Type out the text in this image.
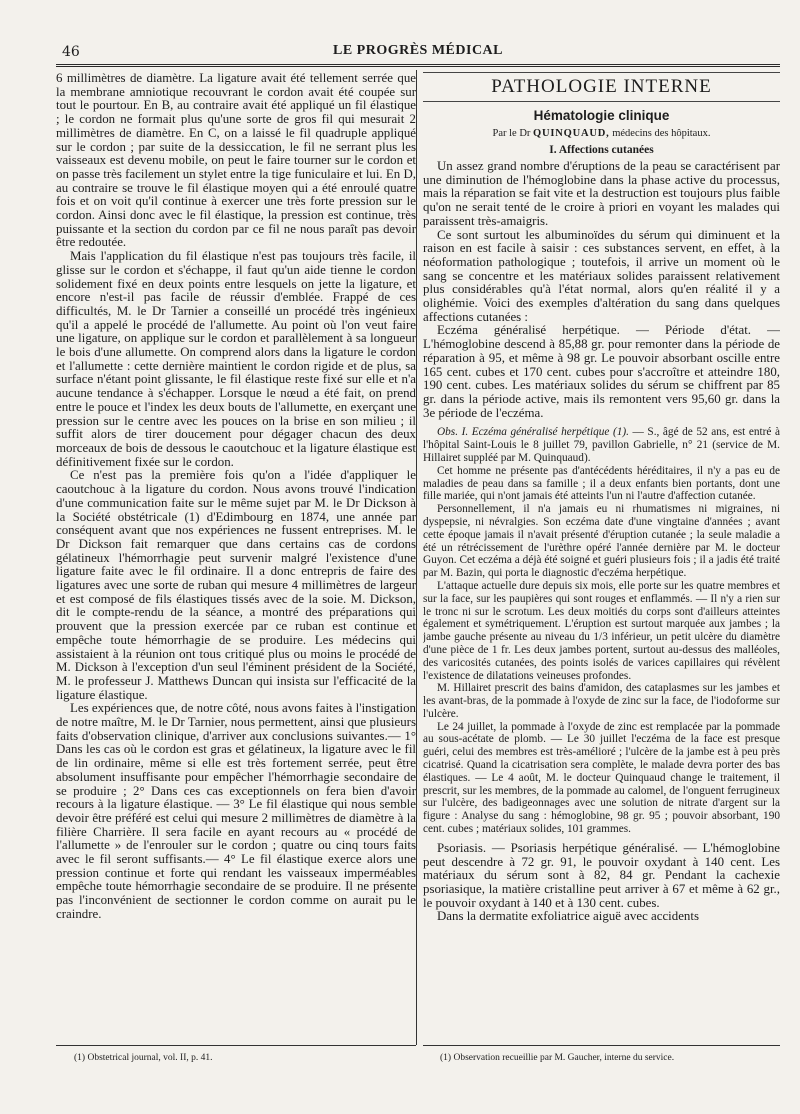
46	LE PROGRÈS MÉDICAL

6 millimètres de diamètre. La ligature avait été tellement serrée que la membrane amniotique recouvrant le cordon avait été coupée sur tout le pourtour. En B, au contraire avait été appliqué un fil élastique ; le cordon ne formait plus qu'une sorte de gros fil qui mesurait 2 millimètres de diamètre. En C, on a laissé le fil quadruple appliqué sur le cordon ; par suite de la dessiccation, le fil ne serrant plus les vaisseaux est devenu mobile, on peut le faire tourner sur le cordon et on passe très facilement un stylet entre la tige funiculaire et lui. En D, au contraire se trouve le fil élastique moyen qui a été enroulé quatre fois et on voit qu'il continue à exercer une très forte pression sur le cordon. Ainsi donc avec le fil élastique, la pression est continue, très puissante et la section du cordon par ce fil ne nous paraît pas devoir être redoutée.

Mais l'application du fil élastique n'est pas toujours très facile, il glisse sur le cordon et s'échappe, il faut qu'un aide tienne le cordon solidement fixé en deux points entre lesquels on jette la ligature, et encore n'est-il pas facile de réussir d'emblée. Frappé de ces difficultés, M. le Dr Tarnier a conseillé un procédé très ingénieux qu'il a appelé le procédé de l'allumette. Au point où l'on veut faire une ligature, on applique sur le cordon et parallèlement à sa longueur le bois d'une allumette. On comprend alors dans la ligature le cordon et l'allumette : cette dernière maintient le cordon rigide et de plus, sa surface n'étant point glissante, le fil élastique reste fixé sur elle et n'a aucune tendance à s'échapper. Lorsque le nœud a été fait, on prend entre le pouce et l'index les deux bouts de l'allumette, en exerçant une pression sur le centre avec les pouces on la brise en son milieu ; il suffit alors de tirer doucement pour dégager chacun des deux morceaux de bois de dessous le caoutchouc et la ligature élastique est définitivement fixée sur le cordon.

Ce n'est pas la première fois qu'on a l'idée d'appliquer le caoutchouc à la ligature du cordon. Nous avons trouvé l'indication d'une communication faite sur le même sujet par M. le Dr Dickson à la Société obstétricale (1) d'Edimbourg en 1874, une année par conséquent avant que nos expériences ne fussent entreprises. M. le Dr Dickson fait remarquer que dans certains cas de cordons gélatineux l'hémorrhagie peut survenir malgré l'existence d'une ligature faite avec le fil ordinaire. Il a donc entrepris de faire des ligatures avec une sorte de ruban qui mesure 4 millimètres de largeur et est composé de fils élastiques tissés avec de la soie. M. Dickson, dit le compte-rendu de la séance, a montré des préparations qui prouvent que la pression exercée par ce ruban est continue et empêche toute hémorrhagie de se produire. Les médecins qui assistaient à la réunion ont tous critiqué plus ou moins le procédé de M. Dickson à l'exception d'un seul l'éminent président de la Société, M. le professeur J. Matthews Duncan qui insista sur l'efficacité de la ligature élastique.

Les expériences que, de notre côté, nous avons faites à l'instigation de notre maître, M. le Dr Tarnier, nous permettent, ainsi que plusieurs faits d'observation clinique, d'arriver aux conclusions suivantes.— 1° Dans les cas où le cordon est gras et gélatineux, la ligature avec le fil de lin ordinaire, même si elle est très fortement serrée, peut être absolument insuffisante pour empêcher l'hémorrhagie secondaire de se produire ; 2° Dans ces cas exceptionnels on fera bien d'avoir recours à la ligature élastique. — 3° Le fil élastique qui nous semble devoir être préféré est celui qui mesure 2 millimètres de diamètre à la filière Charrière. Il sera facile en ayant recours au « procédé de l'allumette » de l'enrouler sur le cordon ; quatre ou cinq tours faits avec le fil seront suffisants.— 4° Le fil élastique exerce alors une pression continue et forte qui rendant les vaisseaux imperméables empêche toute hémorrhagie secondaire de se produire. Il ne présente pas l'inconvénient de sectionner le cordon comme on aurait pu le craindre.

PATHOLOGIE INTERNE
Hématologie clinique
Par le Dr QUINQUAUD, médecins des hôpitaux.
I. Affections cutanées

Un assez grand nombre d'éruptions de la peau se caractérisent par une diminution de l'hémoglobine dans la phase active du processus, mais la réparation se fait vite et la destruction est toujours plus faible qu'on ne serait tenté de le croire à priori en voyant les malades qui paraissent très-amaigris.

Ce sont surtout les albuminoïdes du sérum qui diminuent et la raison en est facile à saisir : ces substances servent, en effet, à la néoformation pathologique ; toutefois, il arrive un moment où le sang se concentre et les matériaux solides paraissent relativement plus considérables qu'à l'état normal, alors qu'en réalité il y a olighémie. Voici des exemples d'altération du sang dans quelques affections cutanées :

Eczéma généralisé herpétique. — Période d'état. — L'hémoglobine descend à 85,88 gr. pour remonter dans la période de réparation à 95, et même à 98 gr. Le pouvoir absorbant oscille entre 165 cent. cubes et 170 cent. cubes pour s'accroître et atteindre 180, 190 cent. cubes. Les matériaux solides du sérum se chiffrent par 85 gr. dans la période active, mais ils remontent vers 95,60 gr. dans la 3e période de l'eczéma.

Obs. I. Eczéma généralisé herpétique (1). — S., âgé de 52 ans, est entré à l'hôpital Saint-Louis le 8 juillet 79, pavillon Gabrielle, n° 21 (service de M. Hillairet suppléé par M. Quinquaud).

Cet homme ne présente pas d'antécédents héréditaires, il n'y a pas eu de maladies de peau dans sa famille ; il a deux enfants bien portants, dont une fille mariée, qui n'ont jamais été atteints l'un ni l'autre d'affection cutanée.

Personnellement, il n'a jamais eu ni rhumatismes ni migraines, ni dyspepsie, ni névralgies. Son eczéma date d'une vingtaine d'années ; avant cette époque jamais il n'avait présenté d'éruption cutanée ; la seule maladie a été un rétrécissement de l'urèthre opéré l'année dernière par M. le docteur Guyon. Cet eczéma a déjà été soigné et guéri plusieurs fois ; il a jadis été traité par M. Bazin, qui porta le diagnostic d'eczéma herpétique.

L'attaque actuelle dure depuis six mois, elle porte sur les quatre membres et sur la face, sur les paupières qui sont rouges et enflammés. — Il n'y a rien sur le tronc ni sur le scrotum. Les deux moitiés du corps sont d'ailleurs atteintes également et symétriquement. L'éruption est surtout marquée aux jambes ; la jambe gauche présente au niveau du 1/3 inférieur, un petit ulcère du diamètre d'une pièce de 1 fr. Les deux jambes portent, surtout au-dessus des malléoles, des varicosités cutanées, des points isolés de varices capillaires qui révèlent l'existence de dilatations veineuses profondes.

M. Hillairet prescrit des bains d'amidon, des cataplasmes sur les jambes et les avant-bras, de la pommade à l'oxyde de zinc sur la face, de l'iodoforme sur l'ulcère.

Le 24 juillet, la pommade à l'oxyde de zinc est remplacée par la pommade au sous-acétate de plomb. — Le 30 juillet l'eczéma de la face est presque guéri, celui des membres est très-amélioré ; l'ulcère de la jambe est à peu près cicatrisé. Quand la cicatrisation sera complète, le malade devra porter des bas élastiques. — Le 4 août, M. le docteur Quinquaud change le traitement, il prescrit, sur les membres, de la pommade au calomel, de l'onguent ferrugineux sur l'ulcère, des badigeonnages avec une solution de nitrate d'argent sur la figure : Analyse du sang : hémoglobine, 98 gr. 95 ; pouvoir absorbant, 190 cent. cubes ; matériaux solides, 101 grammes.

Psoriasis. — Psoriasis herpétique généralisé. — L'hémoglobine peut descendre à 72 gr. 91, le pouvoir oxydant à 140 cent. Les matériaux du sérum sont à 82, 84 gr. Pendant la cachexie psoriasique, la matière cristalline peut arriver à 67 et même à 62 gr., le pouvoir oxydant à 140 et à 130 cent. cubes.

Dans la dermatite exfoliatrice aiguë avec accidents

(1) Obstetrical journal, vol. II, p. 41.	(1) Observation recueillie par M. Gaucher, interne du service.
